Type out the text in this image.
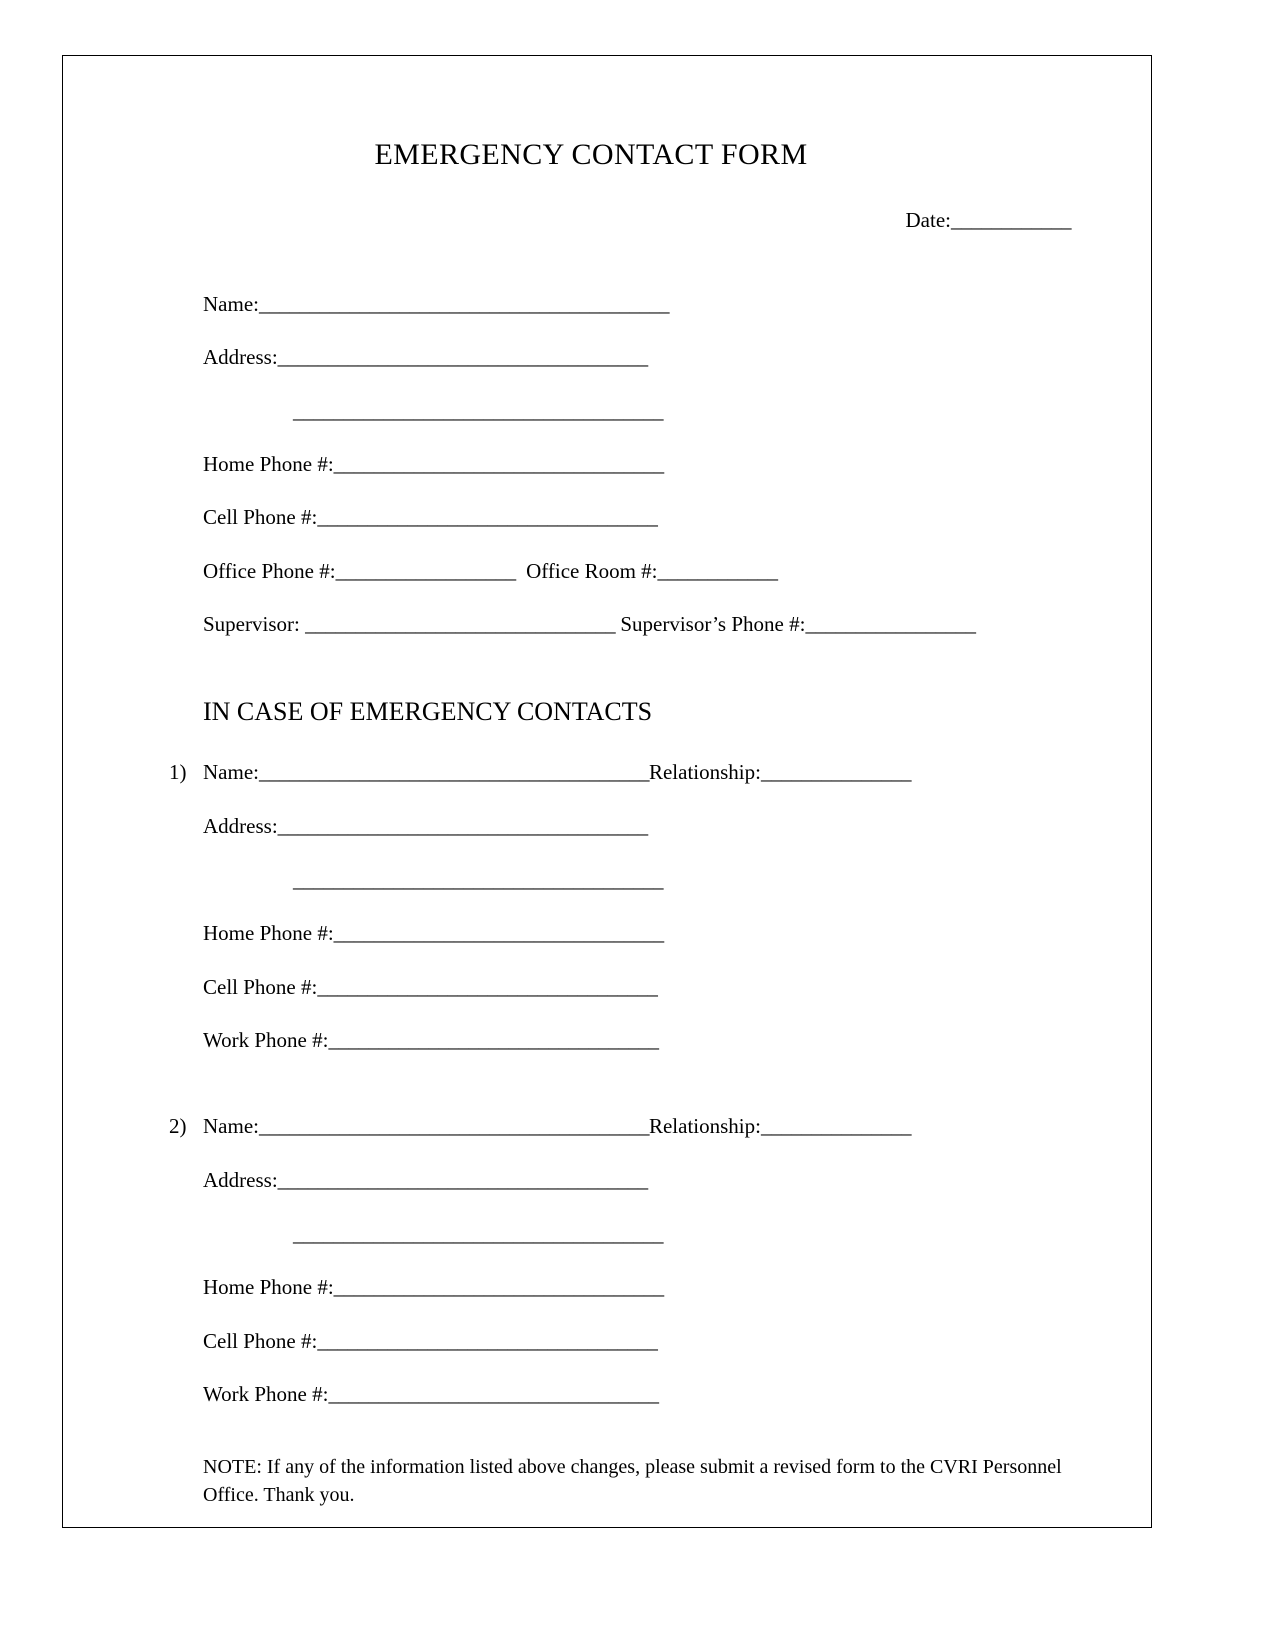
EMERGENCY CONTACT FORM
Date:____________
Name:_________________________________________
Address:_____________________________________
_____________________________________
Home Phone #:_________________________________
Cell Phone #:__________________________________
Office Phone #:__________________ Office Room #:____________
Supervisor: _______________________________ Supervisor’s Phone #:_________________
IN CASE OF EMERGENCY CONTACTS
1) Name:_______________________________________Relationship:_______________
Address:_____________________________________
_____________________________________
Home Phone #:_________________________________
Cell Phone #:__________________________________
Work Phone #:_________________________________
2) Name:_______________________________________Relationship:_______________
Address:_____________________________________
_____________________________________
Home Phone #:_________________________________
Cell Phone #:__________________________________
Work Phone #:_________________________________
NOTE: If any of the information listed above changes, please submit a revised form to the CVRI Personnel Office. Thank you.
